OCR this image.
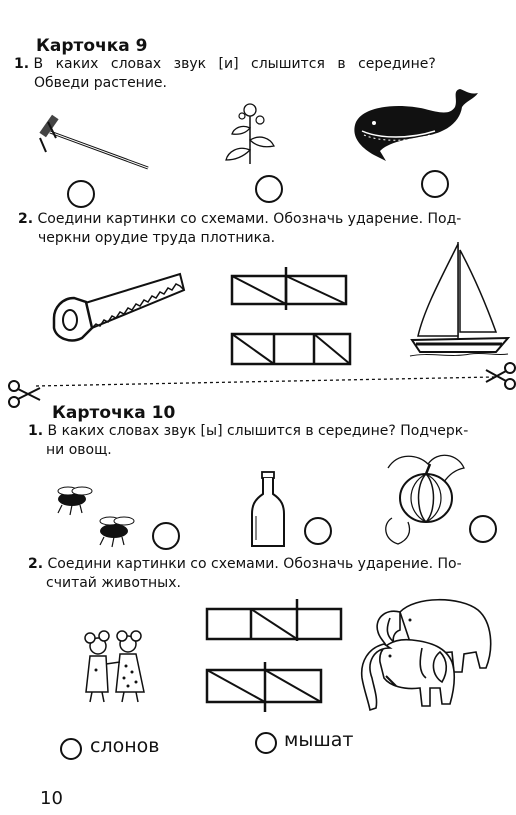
Карточка 9
1. В каких словах звук [и] слышится в середине?
Обведи растение.
2. Соедини картинки со схемами. Обозначь ударение. Под-
черкни орудие труда плотника.
Карточка 10
1. В каких словах звук [ы] слышится в середине? Подчерк-
ни овощ.
2. Соедини картинки со схемами. Обозначь ударение. По-
считай животных.
слонов	мышат
10
